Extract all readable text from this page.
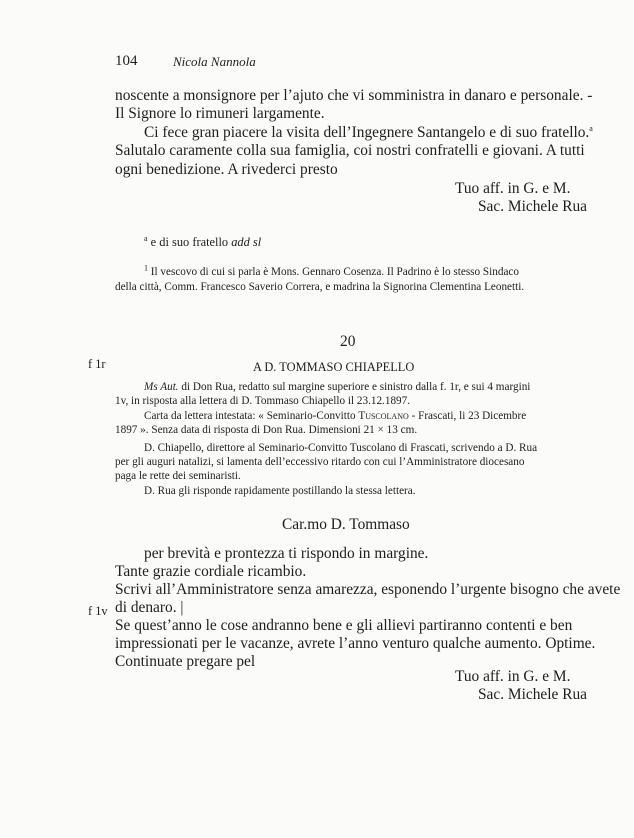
104	Nicola Nannola
noscente a monsignore per l’ajuto che vi somministra in danaro e personale. -
Il Signore lo rimuneri largamente.
Ci fece gran piacere la visita dell’Ingegnere Santangelo e di suo fratello.$^a$
Salutalo caramente colla sua famiglia, coi nostri confratelli e giovani. A tutti
ogni benedizione. A rivederci presto
Tuo aff. in G. e M.
Sac. Michele Rua
$^a$ e di suo fratello add sl
$^1$ Il vescovo di cui si parla è Mons. Gennaro Cosenza. Il Padrino è lo stesso Sindaco
della città, Comm. Francesco Saverio Correra, e madrina la Signorina Clementina Leonetti.
20
f 1r	A D. TOMMASO CHIAPELLO
Ms Aut. di Don Rua, redatto sul margine superiore e sinistro dalla f. 1r, e sui 4 margini
1v, in risposta alla lettera di D. Tommaso Chiapello il 23.12.1897.
Carta da lettera intestata: « Seminario-Convitto Tuscolano - Frascati, li 23 Dicembre
1897 ». Senza data di risposta di Don Rua. Dimensioni 21 × 13 cm.
D. Chiapello, direttore al Seminario-Convitto Tuscolano di Frascati, scrivendo a D. Rua
per gli auguri natalizi, si lamenta dell’eccessivo ritardo con cui l’Amministratore diocesano
paga le rette dei seminaristi.
D. Rua gli risponde rapidamente postillando la stessa lettera.
Car.mo D. Tommaso
per brevità e prontezza ti rispondo in margine.
Tante grazie cordiale ricambio.
Scrivi all’Amministratore senza amarezza, esponendo l’urgente bisogno che avete
di denaro. |
f 1v
Se quest’anno le cose andranno bene e gli allievi partiranno contenti e ben
impressionati per le vacanze, avrete l’anno venturo qualche aumento. Optime.
Continuate pregare pel
Tuo aff. in G. e M.
Sac. Michele Rua
